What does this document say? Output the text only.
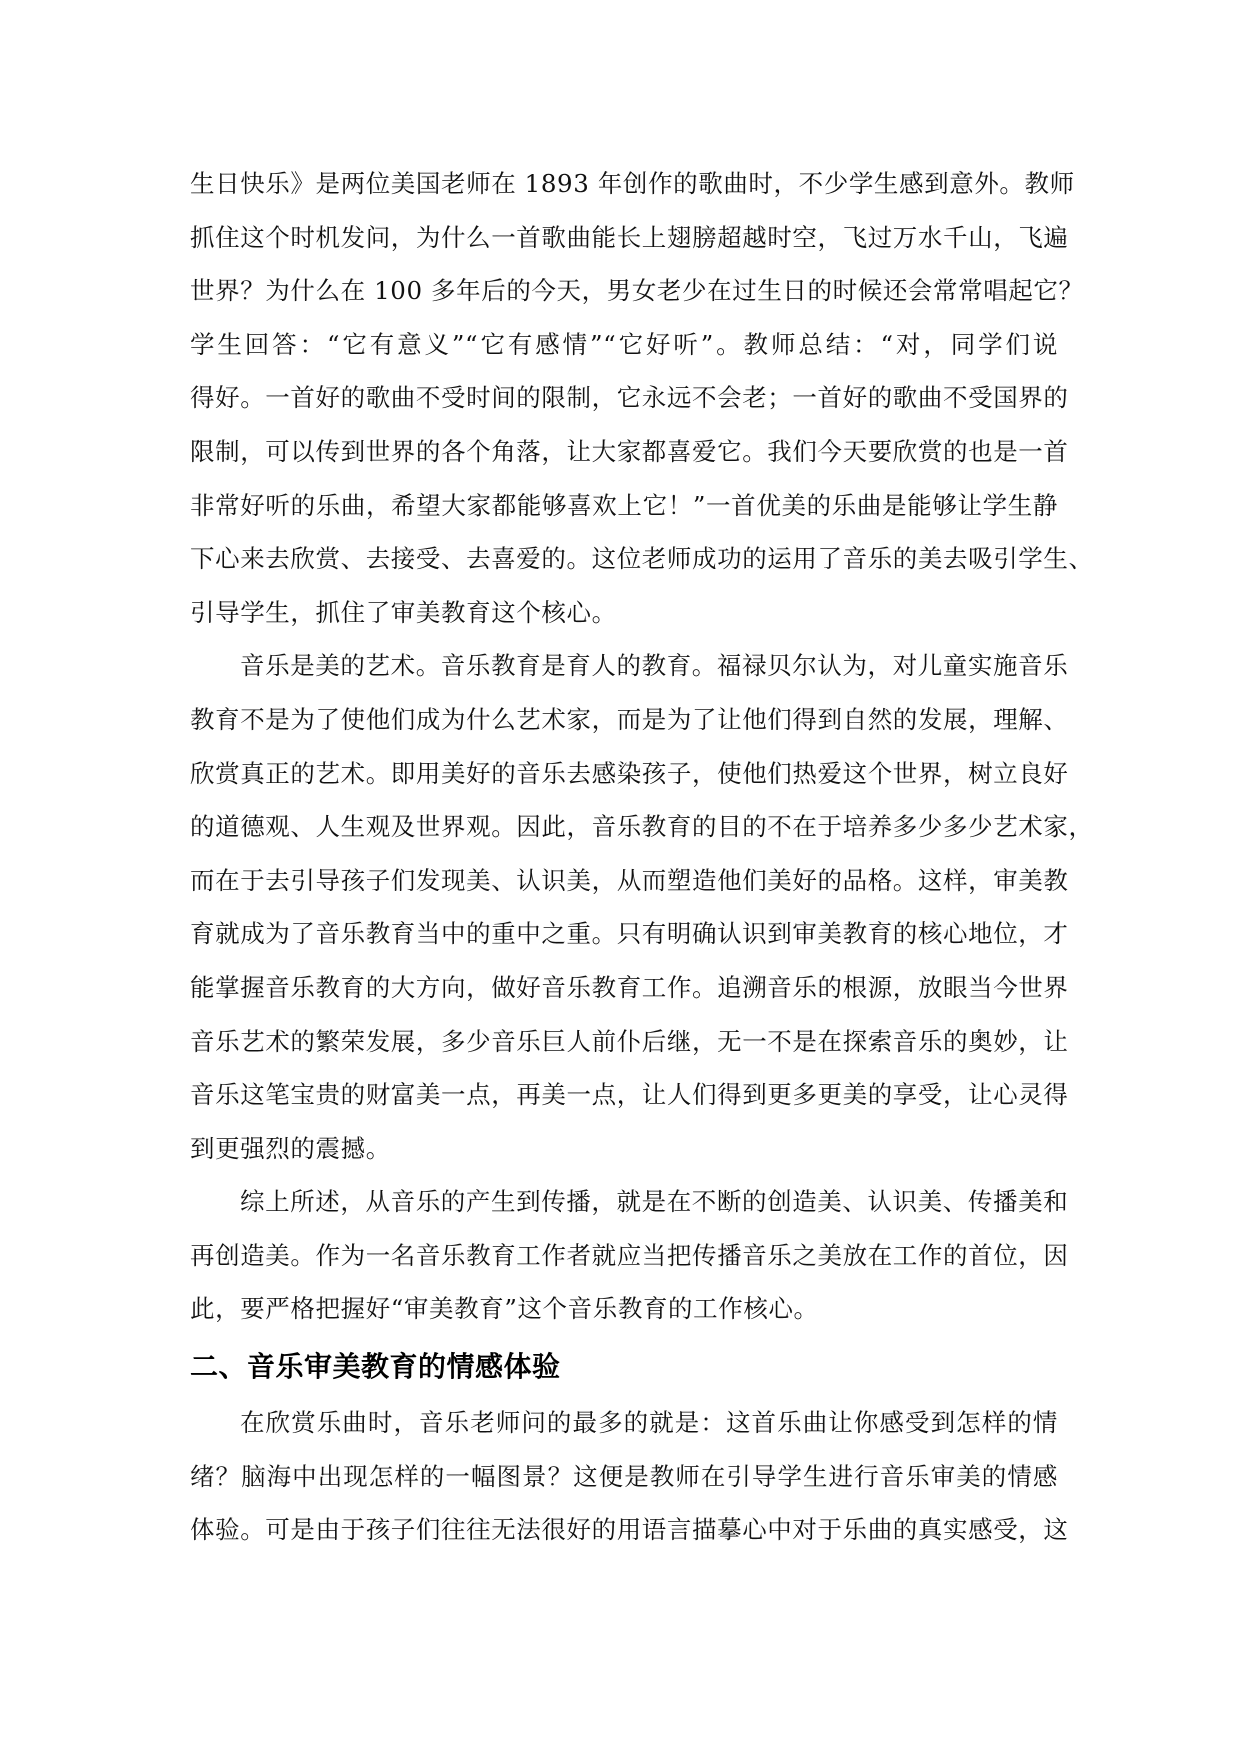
生日快乐》是两位美国老师在 1893 年创作的歌曲时，不少学生感到意外。教师
抓住这个时机发问，为什么一首歌曲能长上翅膀超越时空，飞过万水千山，飞遍
世界？为什么在 100 多年后的今天，男女老少在过生日的时候还会常常唱起它？
学生回答：“它有意义”“它有感情”“它好听”。教师总结：“对，同学们说
得好。一首好的歌曲不受时间的限制，它永远不会老；一首好的歌曲不受国界的
限制，可以传到世界的各个角落，让大家都喜爱它。我们今天要欣赏的也是一首
非常好听的乐曲，希望大家都能够喜欢上它！”一首优美的乐曲是能够让学生静
下心来去欣赏、去接受、去喜爱的。这位老师成功的运用了音乐的美去吸引学生、
引导学生，抓住了审美教育这个核心。

音乐是美的艺术。音乐教育是育人的教育。福禄贝尔认为，对儿童实施音乐
教育不是为了使他们成为什么艺术家，而是为了让他们得到自然的发展，理解、
欣赏真正的艺术。即用美好的音乐去感染孩子，使他们热爱这个世界，树立良好
的道德观、人生观及世界观。因此，音乐教育的目的不在于培养多少多少艺术家，
而在于去引导孩子们发现美、认识美，从而塑造他们美好的品格。这样，审美教
育就成为了音乐教育当中的重中之重。只有明确认识到审美教育的核心地位，才
能掌握音乐教育的大方向，做好音乐教育工作。追溯音乐的根源，放眼当今世界
音乐艺术的繁荣发展，多少音乐巨人前仆后继，无一不是在探索音乐的奥妙，让
音乐这笔宝贵的财富美一点，再美一点，让人们得到更多更美的享受，让心灵得
到更强烈的震撼。

综上所述，从音乐的产生到传播，就是在不断的创造美、认识美、传播美和
再创造美。作为一名音乐教育工作者就应当把传播音乐之美放在工作的首位，因
此，要严格把握好“审美教育”这个音乐教育的工作核心。

二、音乐审美教育的情感体验

在欣赏乐曲时，音乐老师问的最多的就是：这首乐曲让你感受到怎样的情
绪？脑海中出现怎样的一幅图景？这便是教师在引导学生进行音乐审美的情感
体验。可是由于孩子们往往无法很好的用语言描摹心中对于乐曲的真实感受，这
